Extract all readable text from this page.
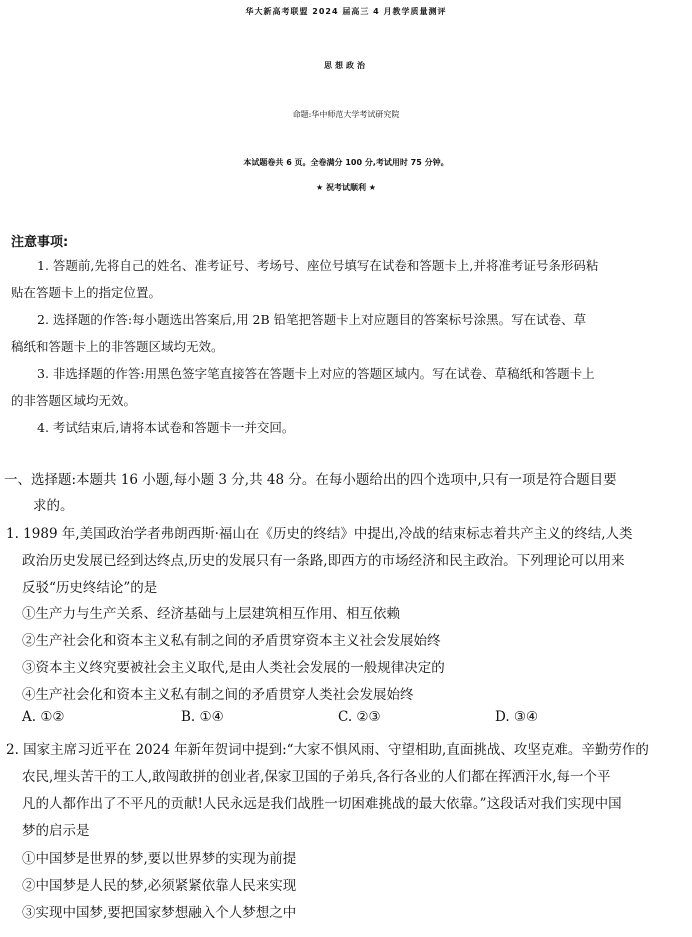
华大新高考联盟 2024 届高三 4 月教学质量测评
思想政治
命题:华中师范大学考试研究院
本试题卷共 6 页。全卷满分 100 分,考试用时 75 分钟。
★ 祝考试顺利 ★
注意事项:
1. 答题前,先将自己的姓名、准考证号、考场号、座位号填写在试卷和答题卡上,并将准考证号条形码粘
贴在答题卡上的指定位置。
2. 选择题的作答:每小题选出答案后,用 2B 铅笔把答题卡上对应题目的答案标号涂黑。写在试卷、草
稿纸和答题卡上的非答题区域均无效。
3. 非选择题的作答:用黑色签字笔直接答在答题卡上对应的答题区域内。写在试卷、草稿纸和答题卡上
的非答题区域均无效。
4. 考试结束后,请将本试卷和答题卡一并交回。
一、选择题:本题共 16 小题,每小题 3 分,共 48 分。在每小题给出的四个选项中,只有一项是符合题目要
求的。
1. 1989 年,美国政治学者弗朗西斯·福山在《历史的终结》中提出,冷战的结束标志着共产主义的终结,人类
政治历史发展已经到达终点,历史的发展只有一条路,即西方的市场经济和民主政治。下列理论可以用来
反驳“历史终结论”的是
①生产力与生产关系、经济基础与上层建筑相互作用、相互依赖
②生产社会化和资本主义私有制之间的矛盾贯穿资本主义社会发展始终
③资本主义终究要被社会主义取代,是由人类社会发展的一般规律决定的
④生产社会化和资本主义私有制之间的矛盾贯穿人类社会发展始终
A. ①②	B. ①④	C. ②③	D. ③④
2. 国家主席习近平在 2024 年新年贺词中提到:“大家不惧风雨、守望相助,直面挑战、攻坚克难。辛勤劳作的
农民,埋头苦干的工人,敢闯敢拼的创业者,保家卫国的子弟兵,各行各业的人们都在挥洒汗水,每一个平
凡的人都作出了不平凡的贡献!人民永远是我们战胜一切困难挑战的最大依靠。”这段话对我们实现中国
梦的启示是
①中国梦是世界的梦,要以世界梦的实现为前提
②中国梦是人民的梦,必须紧紧依靠人民来实现
③实现中国梦,要把国家梦想融入个人梦想之中
